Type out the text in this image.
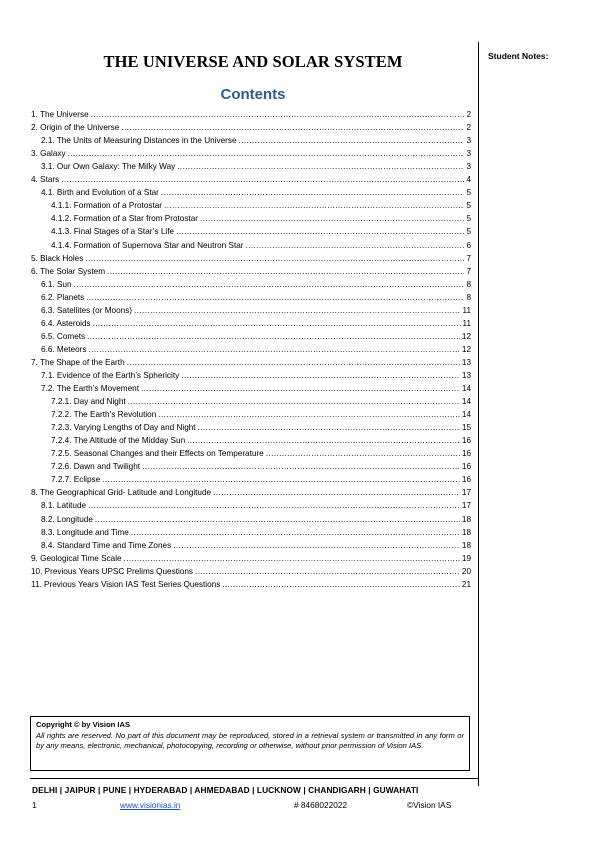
Student Notes:
THE UNIVERSE AND SOLAR SYSTEM
Contents
1. The Universe .....	2
2. Origin of the Universe .....	2
2.1. The Units of Measuring Distances in the Universe .....	3
3. Galaxy .....	3
3.1. Our Own Galaxy: The Milky Way .....	3
4. Stars .....	4
4.1. Birth and Evolution of a Star .....	5
4.1.1. Formation of a Protostar .....	5
4.1.2. Formation of a Star from Protostar .....	5
4.1.3. Final Stages of a Star’s Life .....	5
4.1.4. Formation of Supernova Star and Neutron Star .....	6
5. Black Holes .....	7
6. The Solar System .....	7
6.1. Sun .....	8
6.2. Planets .....	8
6.3. Satellites (or Moons) .....	11
6.4. Asteroids .....	11
6.5. Comets .....	12
6.6. Meteors .....	12
7. The Shape of the Earth .....	13
7.1. Evidence of the Earth’s Sphericity .....	13
7.2. The Earth’s Movement .....	14
7.2.1. Day and Night .....	14
7.2.2. The Earth’s Revolution .....	14
7.2.3. Varying Lengths of Day and Night .....	15
7.2.4. The Altitude of the Midday Sun .....	16
7.2.5. Seasonal Changes and their Effects on Temperature .....	16
7.2.6. Dawn and Twilight .....	16
7.2.7. Eclipse .....	16
8. The Geographical Grid- Latitude and Longitude .....	17
8.1. Latitude .....	17
8.2. Longitude .....	18
8.3. Longitude and Time .....	18
8.4. Standard Time and Time Zones .....	18
9. Geological Time Scale .....	19
10. Previous Years UPSC Prelims Questions .....	20
11. Previous Years Vision IAS Test Series Questions .....	21
Copyright © by Vision IAS
All rights are reserved. No part of this document may be reproduced, stored in a retrieval system or transmitted in any form or by any means, electronic, mechanical, photocopying, recording or otherwise, without prior permission of Vision IAS.
DELHI | JAIPUR | PUNE | HYDERABAD | AHMEDABAD | LUCKNOW | CHANDIGARH | GUWAHATI
1	www.visionias.in	# 8468022022	©Vision IAS
